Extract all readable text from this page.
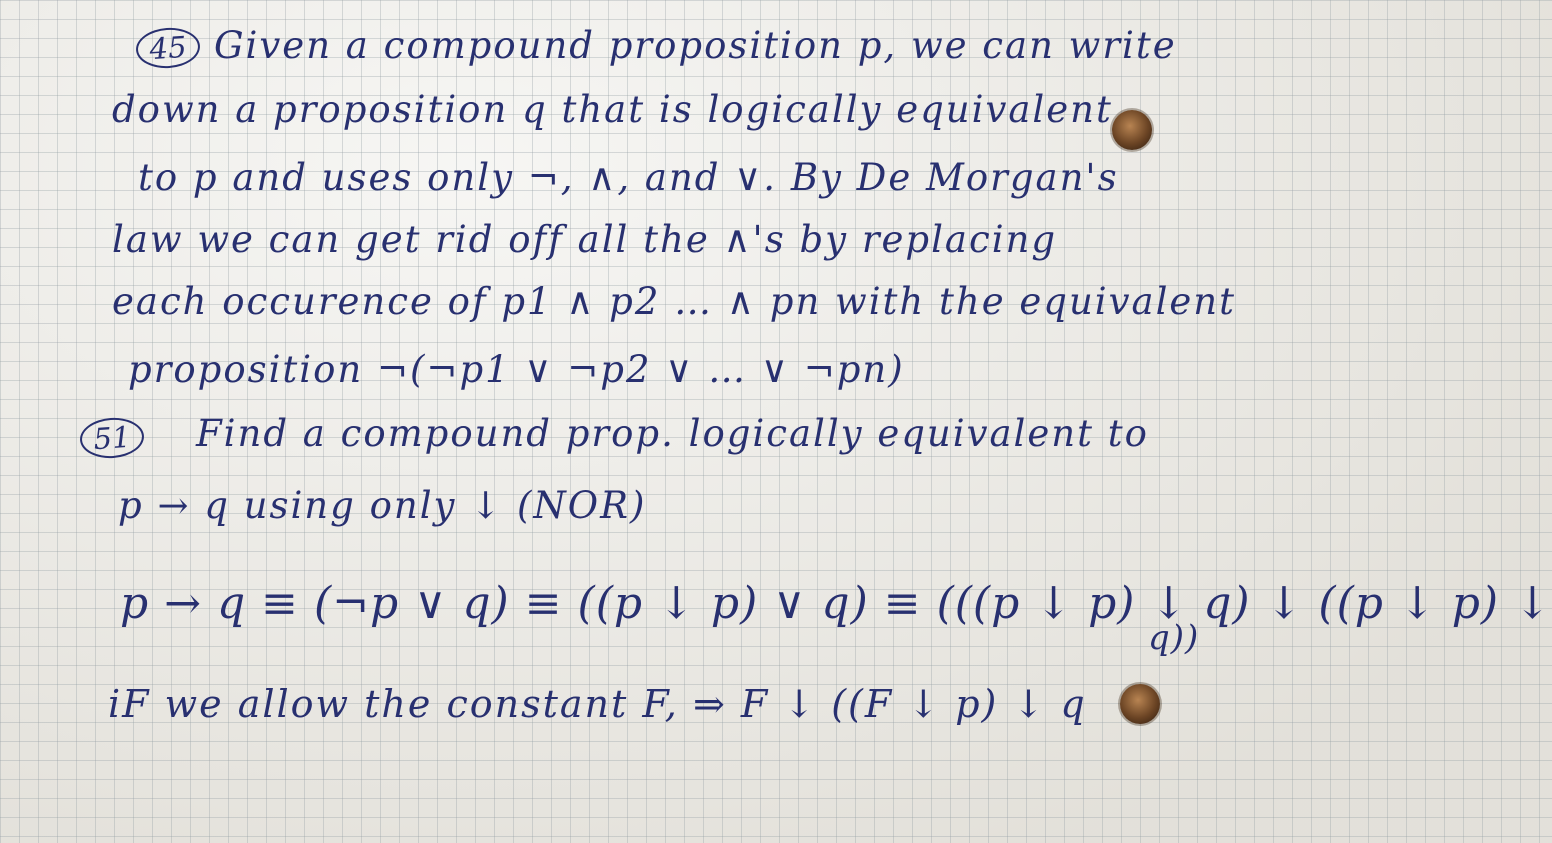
45 Given a compound proposition p, we can write
down a proposition q that is logically equivalent
to p and uses only ¬, ∧, and ∨. By De Morgan's
law we can get rid off all the ∧'s by replacing
each occurence of p1 ∧ p2 … ∧ pn with the equivalent
proposition ¬(¬p1 ∨ ¬p2 ∨ … ∨ ¬pn)
51	Find a compound prop. logically equivalent to
p → q using only ↓ (NOR)
p → q ≡ (¬p ∨ q) ≡ ((p ↓ p) ∨ q) ≡ (((p ↓ p) ↓ q) ↓ ((p ↓ p) ↓
q))
iF we allow the constant F, ⇒ F ↓ ((F ↓ p) ↓ q
